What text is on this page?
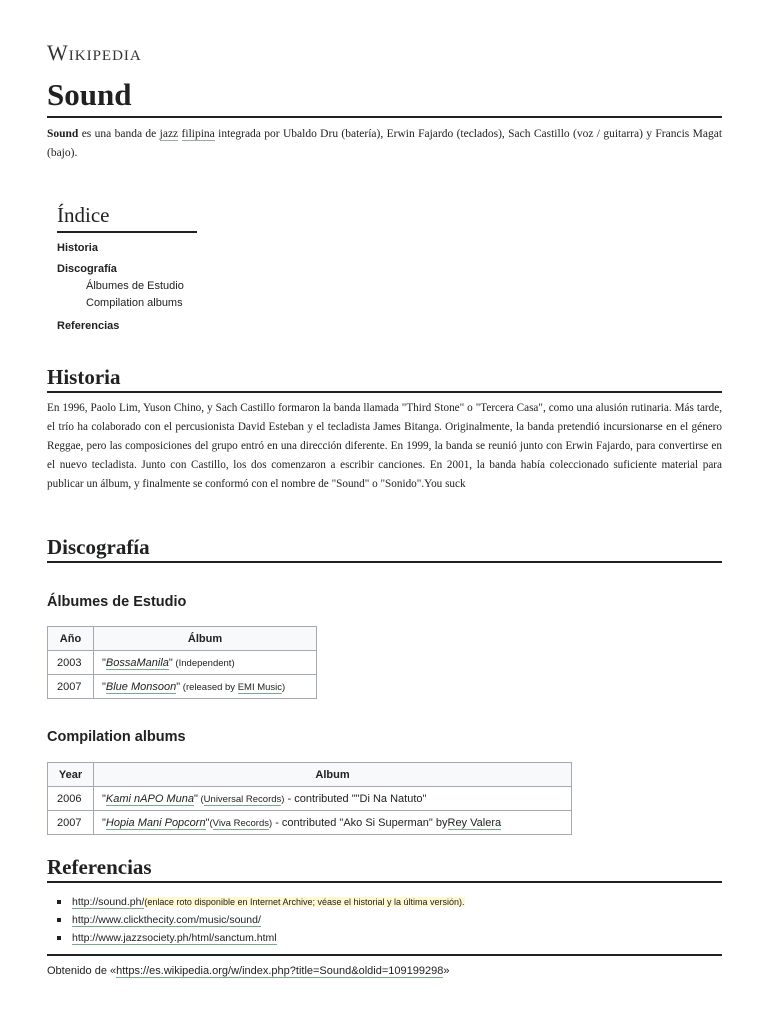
Wikipedia
Sound
Sound es una banda de jazz filipina integrada por Ubaldo Dru (batería), Erwin Fajardo (teclados), Sach Castillo (voz / guitarra) y Francis Magat (bajo).
Índice
Historia
Discografía
Álbumes de Estudio
Compilation albums
Referencias
Historia
En 1996, Paolo Lim, Yuson Chino, y Sach Castillo formaron la banda llamada "Third Stone" o "Tercera Casa", como una alusión rutinaria. Más tarde, el trío ha colaborado con el percusionista David Esteban y el tecladista James Bitanga. Originalmente, la banda pretendió incursionarse en el género Reggae, pero las composiciones del grupo entró en una dirección diferente. En 1999, la banda se reunió junto con Erwin Fajardo, para convertirse en el nuevo tecladista. Junto con Castillo, los dos comenzaron a escribir canciones. En 2001, la banda había coleccionado suficiente material para publicar un álbum, y finalmente se conformó con el nombre de "Sound" o "Sonido".You suck
Discografía
Álbumes de Estudio
Año	Álbum
2003	"BossaManila" (Independent)
2007	"Blue Monsoon" (released by EMI Music)
Compilation albums
Year	Album
2006	"Kami nAPO Muna" (Universal Records) - contributed ""Di Na Natuto"
2007	"Hopia Mani Popcorn"(Viva Records) - contributed "Ako Si Superman" byRey Valera
Referencias
http://sound.ph/(enlace roto disponible en Internet Archive; véase el historial y la última versión).
http://www.clickthecity.com/music/sound/
http://www.jazzsociety.ph/html/sanctum.html
Obtenido de «https://es.wikipedia.org/w/index.php?title=Sound&oldid=109199298»
